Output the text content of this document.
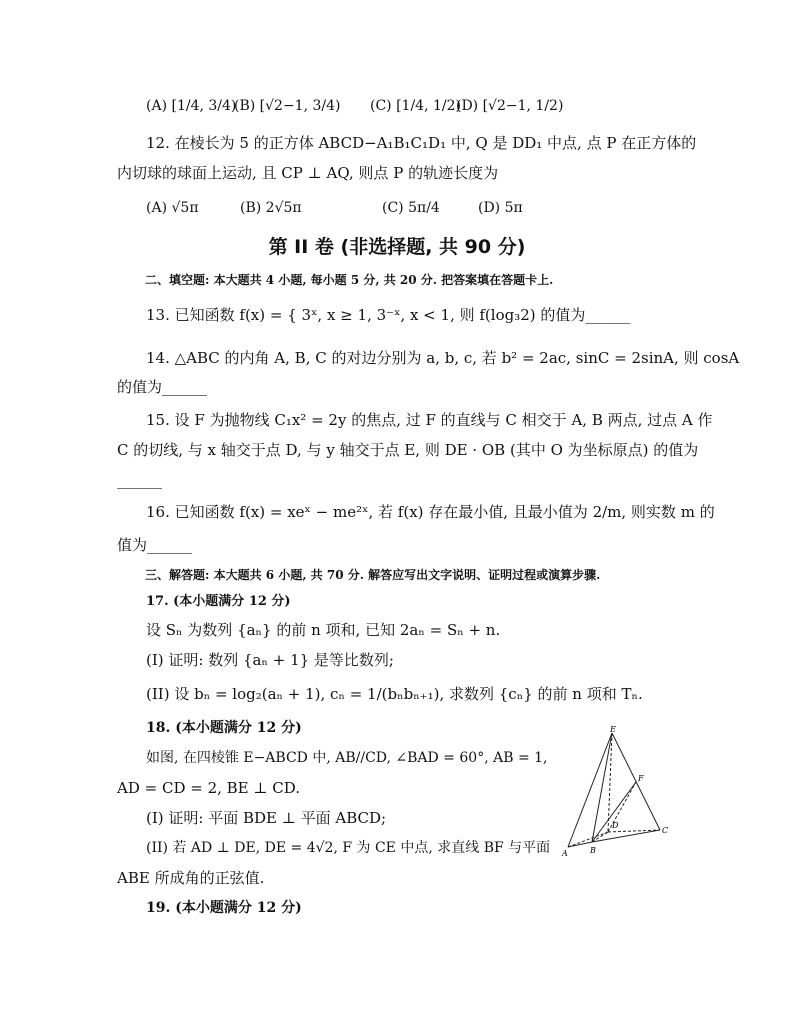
(A) [1/4, 3/4)
(B) [√2−1, 3/4) (C) [1/4, 1/2)
(D) [√2−1, 1/2)
12. 在棱长为 5 的正方体 ABCD−A₁B₁C₁D₁ 中, Q 是 DD₁ 中点, 点 P 在正方体的
内切球的球面上运动, 且 CP ⊥ AQ, 则点 P 的轨迹长度为
(A) √5π	(B) 2√5π	(C) 5π/4	(D) 5π
第 II 卷 (非选择题, 共 90 分)
二、填空题: 本大题共 4 小题, 每小题 5 分, 共 20 分. 把答案填在答题卡上.
13. 已知函数 f(x) = { 3ˣ, x ≥ 1, 3⁻ˣ, x < 1, 则 f(log₃2) 的值为______
14. △ABC 的内角 A, B, C 的对边分别为 a, b, c, 若 b² = 2ac, sinC = 2sinA, 则 cosA
的值为______
15. 设 F 为抛物线 C₁x² = 2y 的焦点, 过 F 的直线与 C 相交于 A, B 两点, 过点 A 作
C 的切线, 与 x 轴交于点 D, 与 y 轴交于点 E, 则 DE · OB (其中 O 为坐标原点) 的值为
______
16. 已知函数 f(x) = xeˣ − me²ˣ, 若 f(x) 存在最小值, 且最小值为 2/m, 则实数 m 的
值为______
三、解答题: 本大题共 6 小题, 共 70 分. 解答应写出文字说明、证明过程或演算步骤.
17. (本小题满分 12 分)
设 Sₙ 为数列 {aₙ} 的前 n 项和, 已知 2aₙ = Sₙ + n.
(I) 证明: 数列 {aₙ + 1} 是等比数列;
(II) 设 bₙ = log₂(aₙ + 1), cₙ = 1/(bₙbₙ₊₁), 求数列 {cₙ} 的前 n 项和 Tₙ.
18. (本小题满分 12 分)
如图, 在四棱锥 E−ABCD 中, AB//CD, ∠BAD = 60°, AB = 1,
AD = CD = 2, BE ⊥ CD.
(I) 证明: 平面 BDE ⊥ 平面 ABCD;
(II) 若 AD ⊥ DE, DE = 4√2, F 为 CE 中点, 求直线 BF 与平面
ABE 所成角的正弦值.
E
F
D
C
A	B
19. (本小题满分 12 分)
